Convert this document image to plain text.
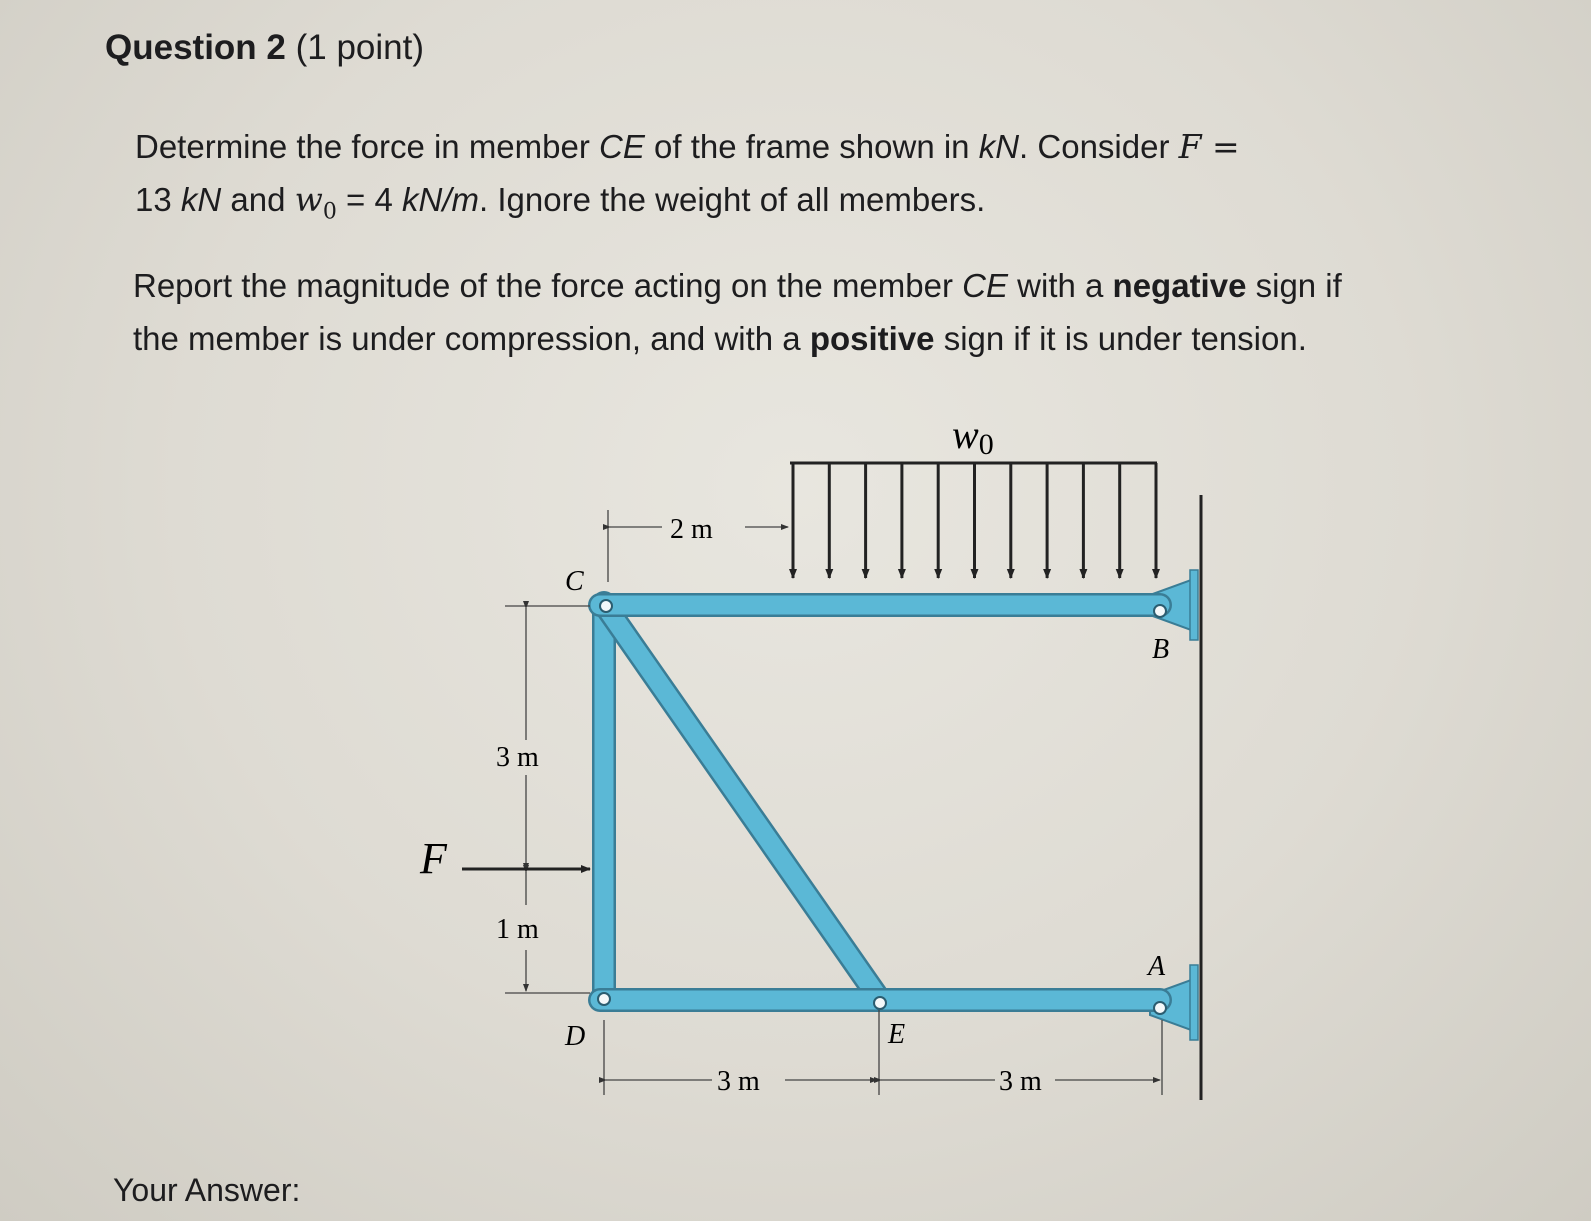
Question 2 (1 point)
Determine the force in member CE of the frame shown in kN. Consider F =
13 kN and $w_0 = 4$ kN/m. Ignore the weight of all members.
Report the magnitude of the force acting on the member CE with a negative sign if
the member is under compression, and with a positive sign if it is under tension.
w0
2 m
3 m
1 m
3 m	3 m
F
C
B
A
D	E
Your Answer:
